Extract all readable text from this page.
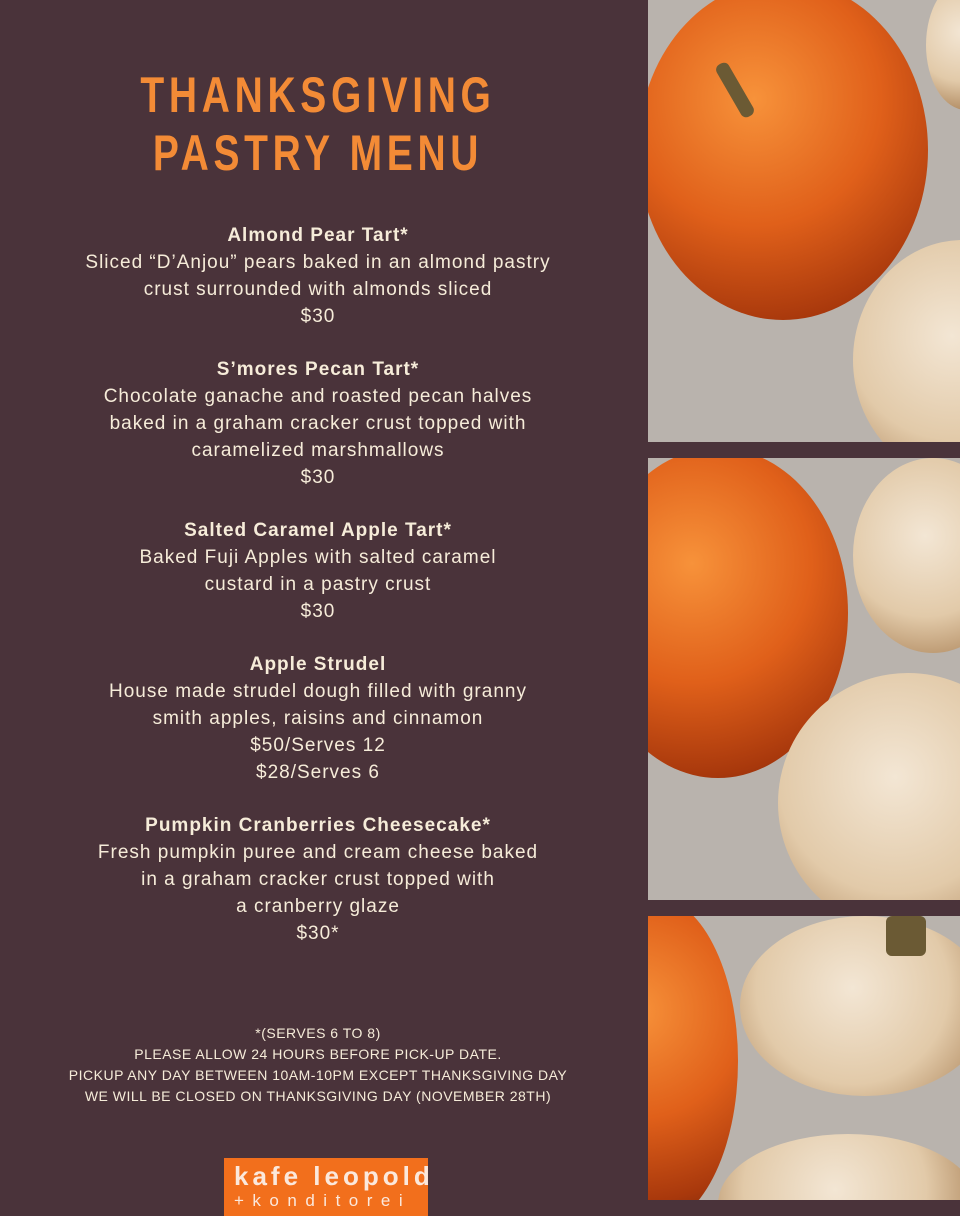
THANKSGIVING
PASTRY MENU
Almond Pear Tart*
Sliced “D’Anjou” pears baked in an almond pastry
crust surrounded with almonds sliced
$30
S’mores Pecan Tart*
Chocolate ganache and roasted pecan halves
baked in a graham cracker crust topped with
caramelized marshmallows
$30
Salted Caramel Apple Tart*
Baked Fuji Apples with salted caramel
custard in a pastry crust
$30
Apple Strudel
House made strudel dough filled with granny
smith apples, raisins and cinnamon
$50/Serves 12
$28/Serves 6
Pumpkin Cranberries Cheesecake*
Fresh pumpkin puree and cream cheese baked
in a graham cracker crust topped with
a cranberry glaze
$30*
*(SERVES 6 TO 8)
PLEASE ALLOW 24 HOURS BEFORE PICK-UP DATE.
PICKUP ANY DAY BETWEEN 10AM-10PM EXCEPT THANKSGIVING DAY
WE WILL BE CLOSED ON THANKSGIVING DAY (NOVEMBER 28TH)
kafe leopold
+konditorei
